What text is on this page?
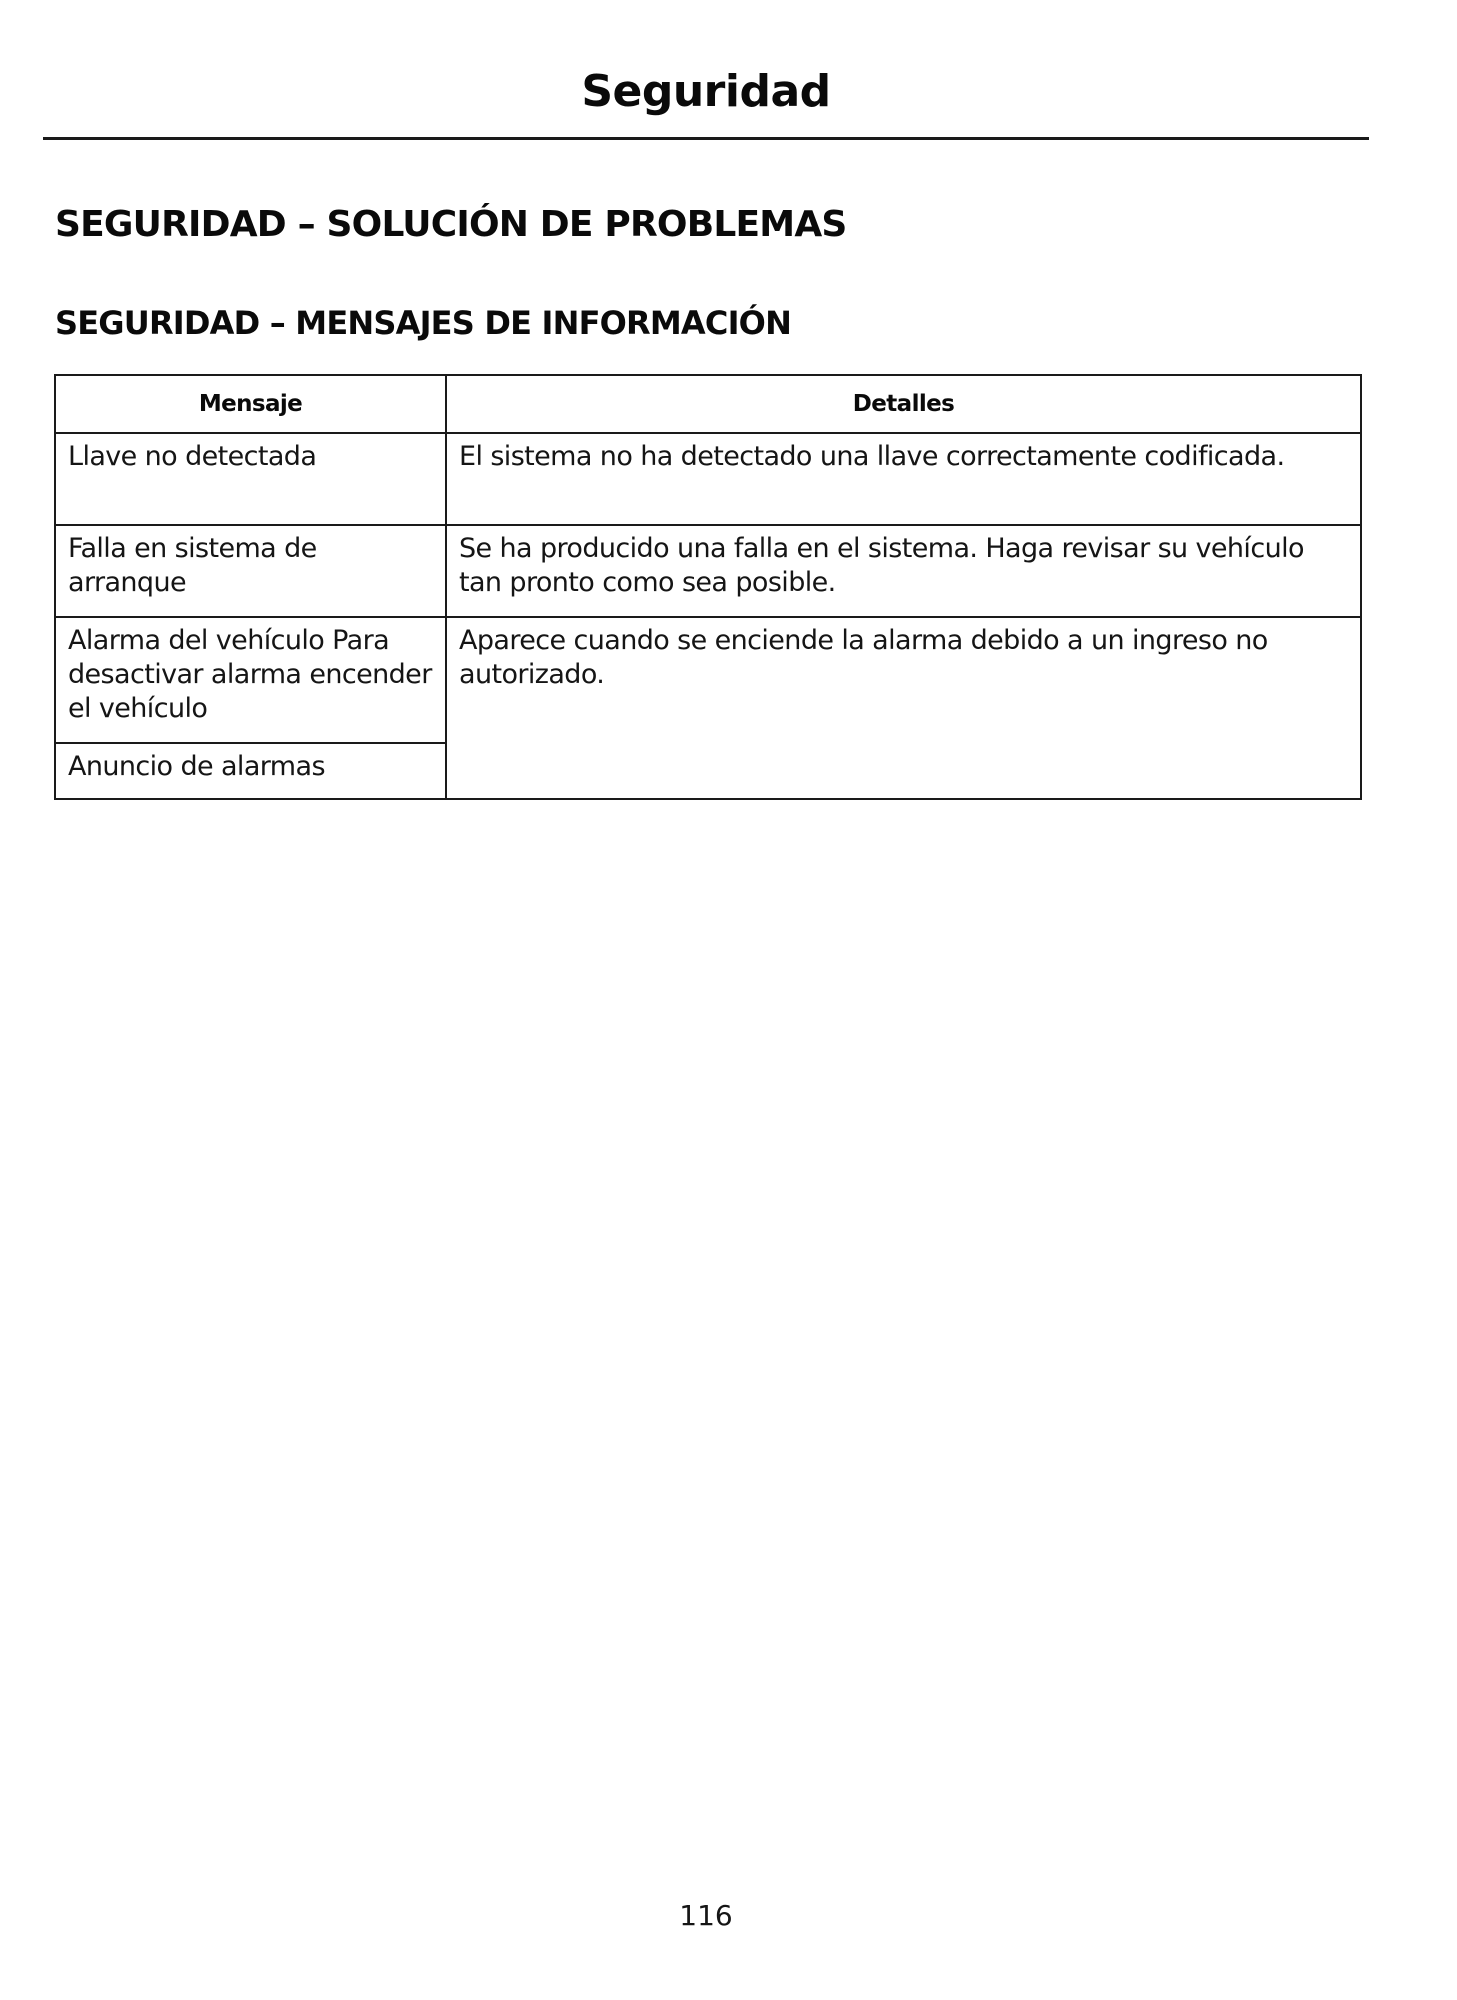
Seguridad
SEGURIDAD – SOLUCIÓN DE PROBLEMAS
SEGURIDAD – MENSAJES DE INFORMACIÓN
Mensaje	Detalles
Llave no detectada	El sistema no ha detectado una llave correctamente codificada.
Falla en sistema de arranque	Se ha producido una falla en el sistema. Haga revisar su vehículo tan pronto como sea posible.
Alarma del vehículo Para desactivar alarma encender el vehículo	Aparece cuando se enciende la alarma debido a un ingreso no autorizado.
Anuncio de alarmas	
116
